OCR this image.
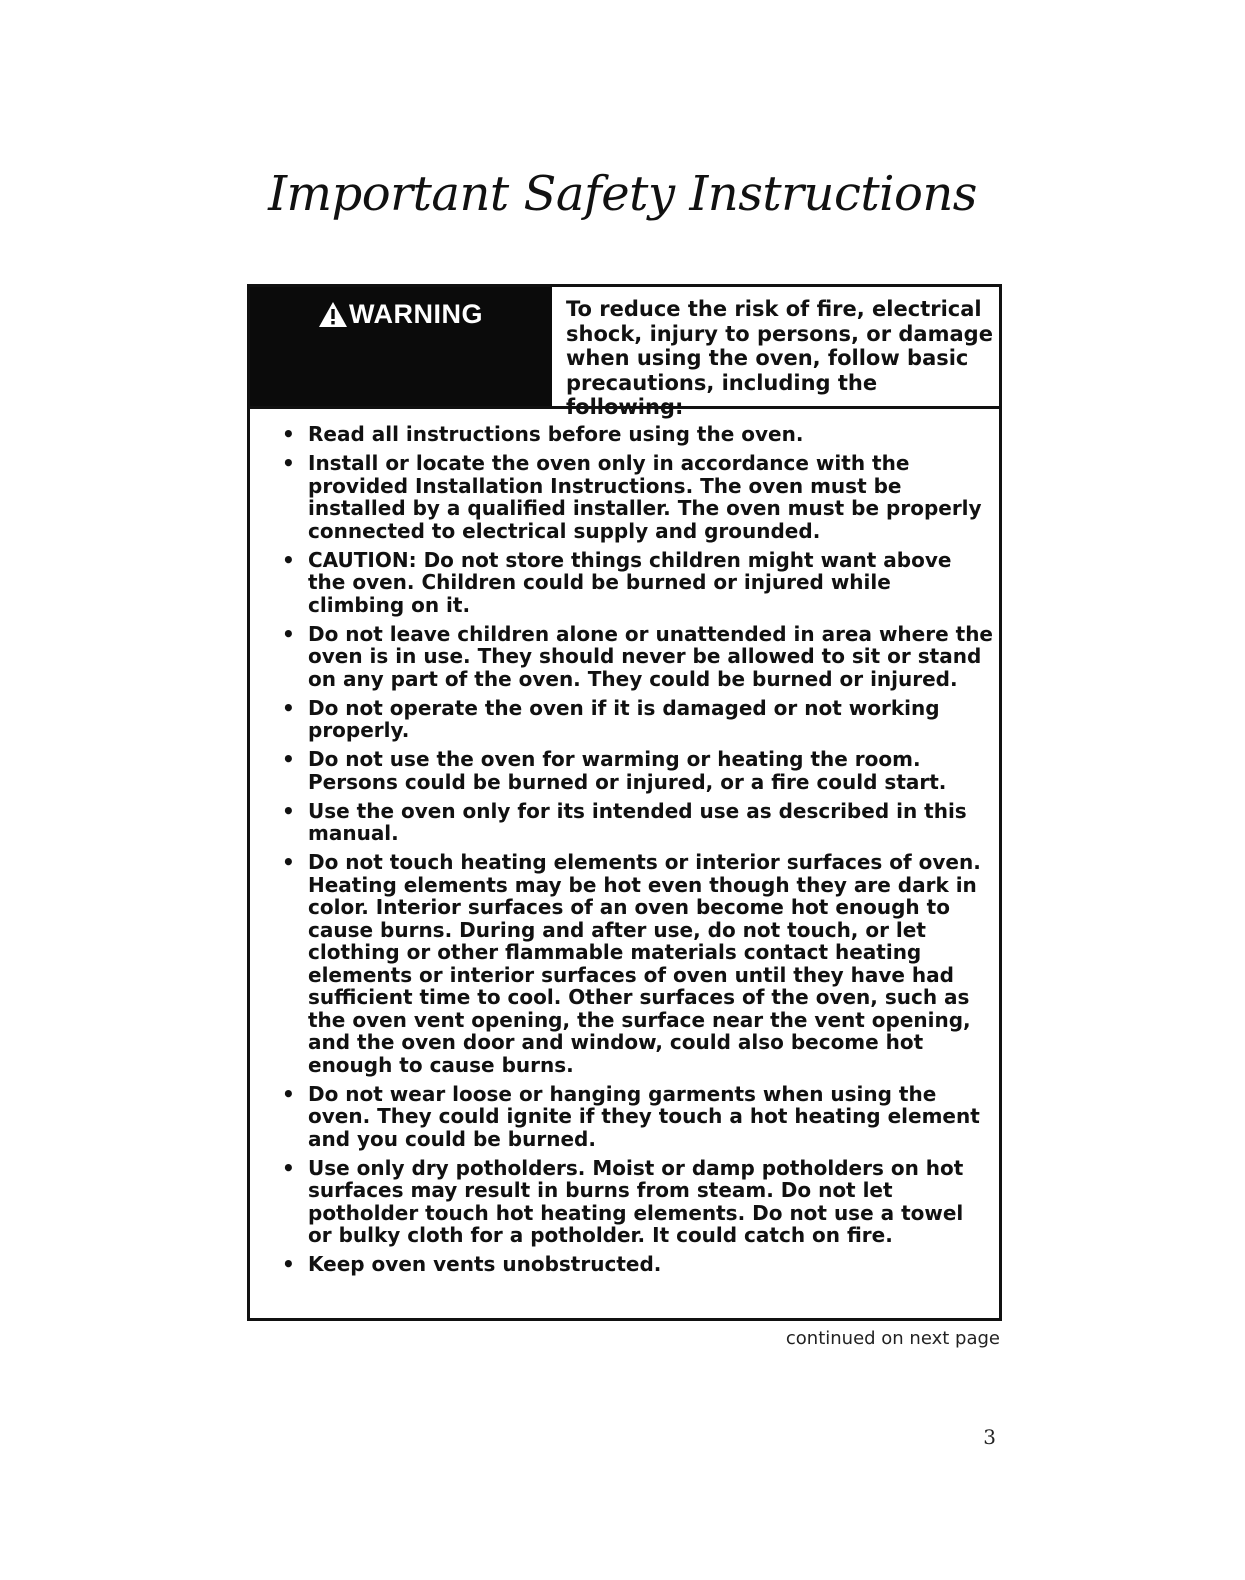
Important Safety Instructions
WARNING	To reduce the risk of fire, electrical shock, injury to persons, or damage when using the oven, follow basic precautions, including the following:
• Read all instructions before using the oven.
• Install or locate the oven only in accordance with the provided Installation Instructions. The oven must be installed by a qualified installer. The oven must be properly connected to electrical supply and grounded.
• CAUTION: Do not store things children might want above the oven. Children could be burned or injured while climbing on it.
• Do not leave children alone or unattended in area where the oven is in use. They should never be allowed to sit or stand on any part of the oven. They could be burned or injured.
• Do not operate the oven if it is damaged or not working properly.
• Do not use the oven for warming or heating the room. Persons could be burned or injured, or a fire could start.
• Use the oven only for its intended use as described in this manual.
• Do not touch heating elements or interior surfaces of oven. Heating elements may be hot even though they are dark in color. Interior surfaces of an oven become hot enough to cause burns. During and after use, do not touch, or let clothing or other flammable materials contact heating elements or interior surfaces of oven until they have had sufficient time to cool. Other surfaces of the oven, such as the oven vent opening, the surface near the vent opening, and the oven door and window, could also become hot enough to cause burns.
• Do not wear loose or hanging garments when using the oven. They could ignite if they touch a hot heating element and you could be burned.
• Use only dry potholders. Moist or damp potholders on hot surfaces may result in burns from steam. Do not let potholder touch hot heating elements. Do not use a towel or bulky cloth for a potholder. It could catch on fire.
• Keep oven vents unobstructed.
continued on next page
3
